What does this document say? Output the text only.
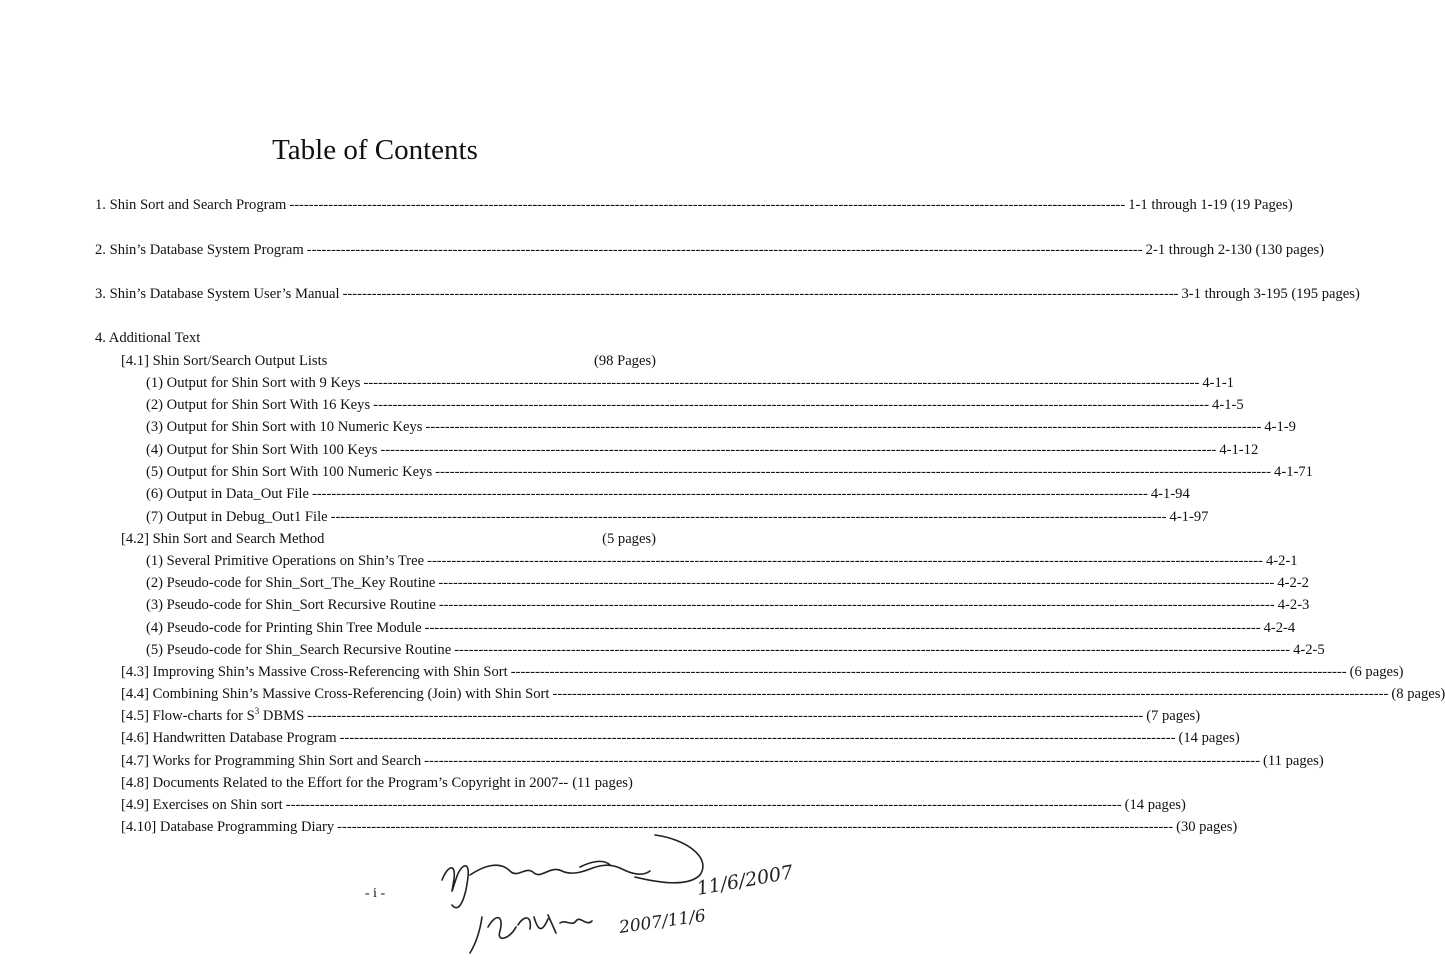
Table of Contents
1. Shin Sort and Search Program -----	1-1 through 1-19 (19 Pages)
2. Shin’s Database System Program -----	2-1 through 2-130 (130 pages)
3. Shin’s Database System User’s Manual -----	3-1 through 3-195 (195 pages)
4. Additional Text
[4.1] Shin Sort/Search Output Lists	(98 Pages)
(1) Output for Shin Sort with 9 Keys -----	4-1-1
(2) Output for Shin Sort With 16 Keys -----	4-1-5
(3) Output for Shin Sort with 10 Numeric Keys -----	4-1-9
(4) Output for Shin Sort With 100 Keys -----	4-1-12
(5) Output for Shin Sort With 100 Numeric Keys -----	4-1-71
(6) Output in Data_Out File -----	4-1-94
(7) Output in Debug_Out1 File -----	4-1-97
[4.2] Shin Sort and Search Method	(5 pages)
(1) Several Primitive Operations on Shin’s Tree -----	4-2-1
(2) Pseudo-code for Shin_Sort_The_Key Routine -----	4-2-2
(3) Pseudo-code for Shin_Sort Recursive Routine -----	4-2-3
(4) Pseudo-code for Printing Shin Tree Module -----	4-2-4
(5) Pseudo-code for Shin_Search Recursive Routine -----	4-2-5
[4.3] Improving Shin’s Massive Cross-Referencing with Shin Sort -----	(6 pages)
[4.4] Combining Shin’s Massive Cross-Referencing (Join) with Shin Sort -----	(8 pages)
[4.5] Flow-charts for $S^3$ DBMS -----	(7 pages)
[4.6] Handwritten Database Program -----	(14 pages)
[4.7] Works for Programming Shin Sort and Search -----	(11 pages)
[4.8] Documents Related to the Effort for the Program’s Copyright in 2007-- (11 pages)
[4.9] Exercises on Shin sort -----	(14 pages)
[4.10] Database Programming Diary -----	(30 pages)
- i -	11/6/2007
2007/11/6
